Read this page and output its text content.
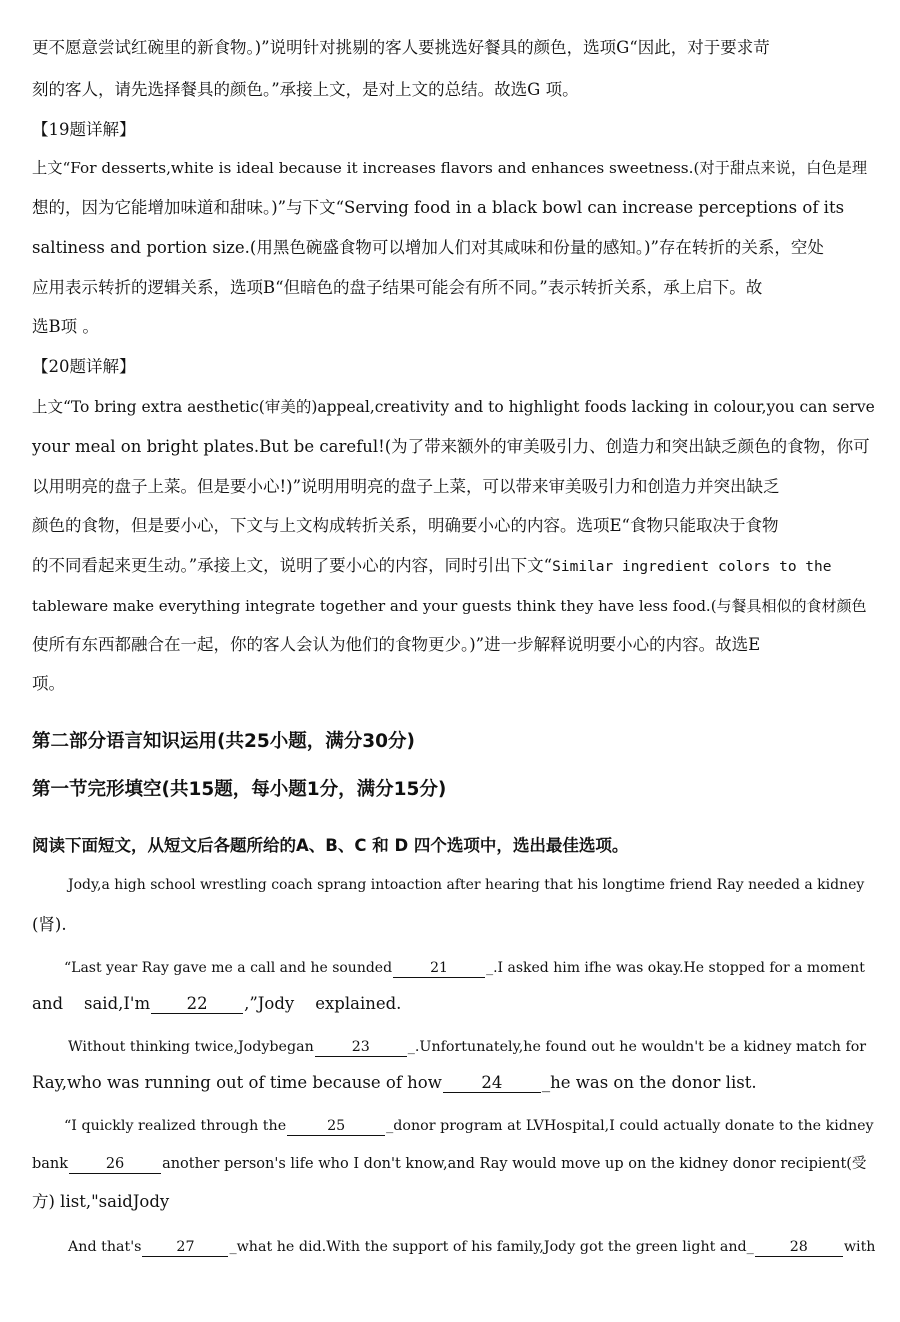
更不愿意尝试红碗里的新食物。)”说明针对挑剔的客人要挑选好餐具的颜色，选项G“因此，对于要求苛
刻的客人，请先选择餐具的颜色。”承接上文，是对上文的总结。故选G 项。
【19题详解】
上文“For desserts,white is ideal because it increases flavors and enhances sweetness.(对于甜点来说，白色是理
想的，因为它能增加味道和甜味。)”与下文“Serving food in a black bowl can increase perceptions of its
saltiness and portion size.(用黑色碗盛食物可以增加人们对其咸味和份量的感知。)”存在转折的关系，空处
应用表示转折的逻辑关系，选项B“但暗色的盘子结果可能会有所不同。”表示转折关系，承上启下。故
选B项 。
【20题详解】
上文“To bring extra aesthetic(审美的)appeal,creativity and to highlight foods lacking in colour,you can serve
your meal on bright plates.But be careful!(为了带来额外的审美吸引力、创造力和突出缺乏颜色的食物，你可
以用明亮的盘子上菜。但是要小心!)”说明用明亮的盘子上菜，可以带来审美吸引力和创造力并突出缺乏
颜色的食物，但是要小心，下文与上文构成转折关系，明确要小心的内容。选项E“食物只能取决于食物
的不同看起来更生动。”承接上文，说明了要小心的内容，同时引出下文“Similar ingredient colors to the
tableware make everything integrate together and your guests think they have less food.(与餐具相似的食材颜色
使所有东西都融合在一起，你的客人会认为他们的食物更少。)”进一步解释说明要小心的内容。故选E
项。
第二部分语言知识运用(共25小题，满分30分)
第一节完形填空(共15题，每小题1分，满分15分)
阅读下面短文，从短文后各题所给的A、B、C 和 D 四个选项中，选出最佳选项。
Jody,a high school wrestling coach sprang intoaction after hearing that his longtime friend Ray needed a kidney
(肾).
“Last year Ray gave me a call and he sounded	21	_.I asked him ifhe was okay.He stopped for a moment
and    said,I'm 22 ,”Jody    explained.
Without thinking twice,Jodybegan	23	_.Unfortunately,he found out he wouldn't be a kidney match for
Ray,who was running out of time because of how 24 _he was on the donor list.
“I quickly realized through the	25	_donor program at LVHospital,I could actually donate to the kidney
bank	26	another person's life who I don't know,and Ray would move up on the kidney donor recipient(受
方) list,"saidJody
And that's 27 _what he did.With the support of his family,Jody got the green light and_	28	with
